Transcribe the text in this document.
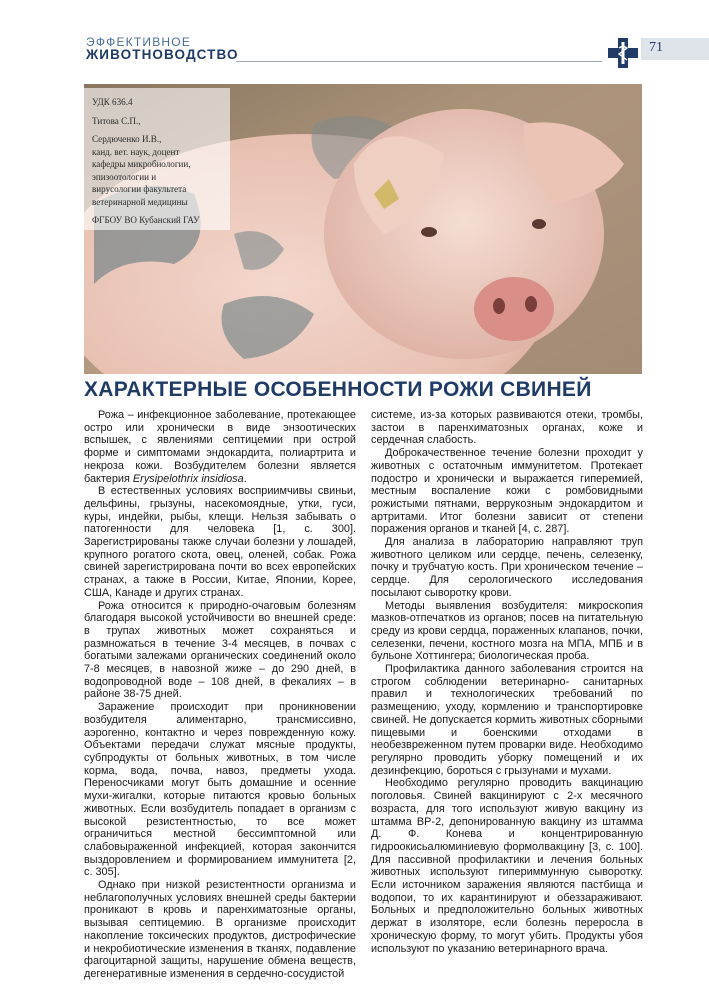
ЭФФЕКТИВНОЕ
ЖИВОТНОВОДСТВО	71

УДК 636.4

Титова С.П.,

Сердюченко И.В.,

канд. вет. наук, доцент

кафедры микробиологии,

эпизоотологии и

вирусологии факультета

ветеринарной медицины

ФГБОУ ВО Кубанский ГАУ

ХАРАКТЕРНЫЕ ОСОБЕННОСТИ РОЖИ СВИНЕЙ

Рожа – инфекционное заболевание, протекающее остро или хронически в виде энзоотических вспышек, с явлениями септицемии при острой форме и симптомами эндокардита, полиартрита и некроза кожи. Возбудителем болезни является бактерия Erysipelothrix insidiosa.

В естественных условиях восприимчивы свиньи, дельфины, грызуны, насекомоядные, утки, гуси, куры, индейки, рыбы, клещи. Нельзя забывать о патогенности для человека [1, с. 300]. Зарегистрированы также случаи болезни у лошадей, крупного рогатого скота, овец, оленей, собак. Рожа свиней зарегистрирована почти во всех европейских странах, а также в России, Китае, Японии, Корее, США, Канаде и других странах.

Рожа относится к природно-очаговым болезням благодаря высокой устойчивости во внешней среде: в трупах животных может сохраняться и размножаться в течение 3-4 месяцев, в почвах с богатыми залежами органических соединений около 7-8 месяцев, в навозной жиже – до 290 дней, в водопроводной воде – 108 дней, в фекалиях – в районе 38-75 дней.

Заражение происходит при проникновении возбудителя алиментарно, трансмиссивно, аэрогенно, контактно и через поврежденную кожу. Объектами передачи служат мясные продукты, субпродукты от больных животных, в том числе корма, вода, почва, навоз, предметы ухода. Переносчиками могут быть домашние и осенние мухи-жигалки, которые питаются кровью больных животных. Если возбудитель попадает в организм с высокой резистентностью, то все может ограничиться местной бессимптомной или слабовыраженной инфекцией, которая закончится выздоровлением и формированием иммунитета [2, с. 305].

Однако при низкой резистентности организма и неблагополучных условиях внешней среды бактерии проникают в кровь и паренхиматозные органы, вызывая септицемию. В организме происходит накопление токсических продуктов, дистрофические и некробиотические изменения в тканях, подавление фагоцитарной защиты, нарушение обмена веществ, дегенеративные изменения в сердечно-сосудистой

системе, из-за которых развиваются отеки, тромбы, застои в паренхиматозных органах, коже и сердечная слабость.

Доброкачественное течение болезни проходит у животных с остаточным иммунитетом. Протекает подостро и хронически и выражается гиперемией, местным воспаление кожи с ромбовидными рожистыми пятнами, веррукозным эндокардитом и артритами. Итог болезни зависит от степени поражения органов и тканей [4, с. 287].

Для анализа в лабораторию направляют труп животного целиком или сердце, печень, селезенку, почку и трубчатую кость. При хроническом течение – сердце. Для серологического исследования посылают сыворотку крови.

Методы выявления возбудителя: микроскопия мазков-отпечатков из органов; посев на питательную среду из крови сердца, пораженных клапанов, почки, селезенки, печени, костного мозга на МПА, МПБ и в бульоне Хоттингера; биологическая проба.

Профилактика данного заболевания строится на строгом соблюдении ветеринарно- санитарных правил и технологических требований по размещению, уходу, кормлению и транспортировке свиней. Не допускается кормить животных сборными пищевыми и боенскими отходами в необезвреженном путем проварки виде. Необходимо регулярно проводить уборку помещений и их дезинфекцию, бороться с грызунами и мухами.

Необходимо регулярно проводить вакцинацию поголовья. Свиней вакцинируют с 2-х месячного возраста, для того используют живую вакцину из штамма ВР-2, депонированную вакцину из штамма Д. Ф. Конева и концентрированную гидроокисьалюминиевую формолвакцину [3, с. 100]. Для пассивной профилактики и лечения больных животных используют гипериммунную сыворотку. Если источником заражения являются пастбища и водопои, то их карантинируют и обеззараживают. Больных и предположительно больных животных держат в изоляторе, если болезнь переросла в хроническую форму, то могут убить. Продукты убоя используют по указанию ветеринарного врача.
